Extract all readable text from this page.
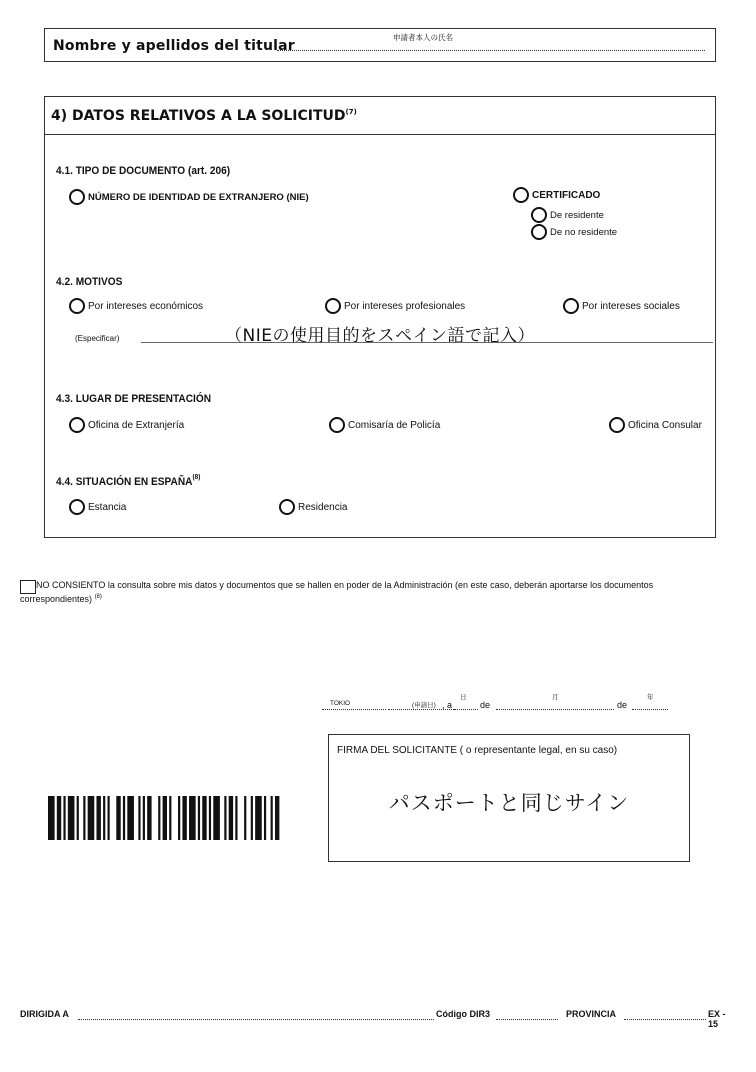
申請者本人の氏名
Nombre y apellidos del titular
4) DATOS RELATIVOS A LA SOLICITUD$^{(7)}$
4.1. TIPO DE DOCUMENTO (art. 206)
NÚMERO DE IDENTIDAD DE EXTRANJERO (NIE)	CERTIFICADO
De residente
De no residente
4.2. MOTIVOS
Por intereses económicos	Por intereses profesionales	Por intereses sociales
(Especificar)	（NIEの使用目的をスペイン語で記入）
4.3. LUGAR DE PRESENTACIÓN
Oficina de Extranjería	Comisaría de Policía	Oficina Consular
4.4. SITUACIÓN EN ESPAÑA$^{(8)}$
Estancia	Residencia
NO CONSIENTO la consulta sobre mis datos y documentos que se hallen en poder de la Administración (en este caso, deberán aportarse los documentos correspondientes) $^{(8)}$
TOKIO	(申請日) , a
日
de
月
de
年
FIRMA DEL SOLICITANTE ( o representante legal, en su caso)
パスポートと同じサイン
DIRIGIDA A	Código DIR3	PROVINCIA	EX - 15
